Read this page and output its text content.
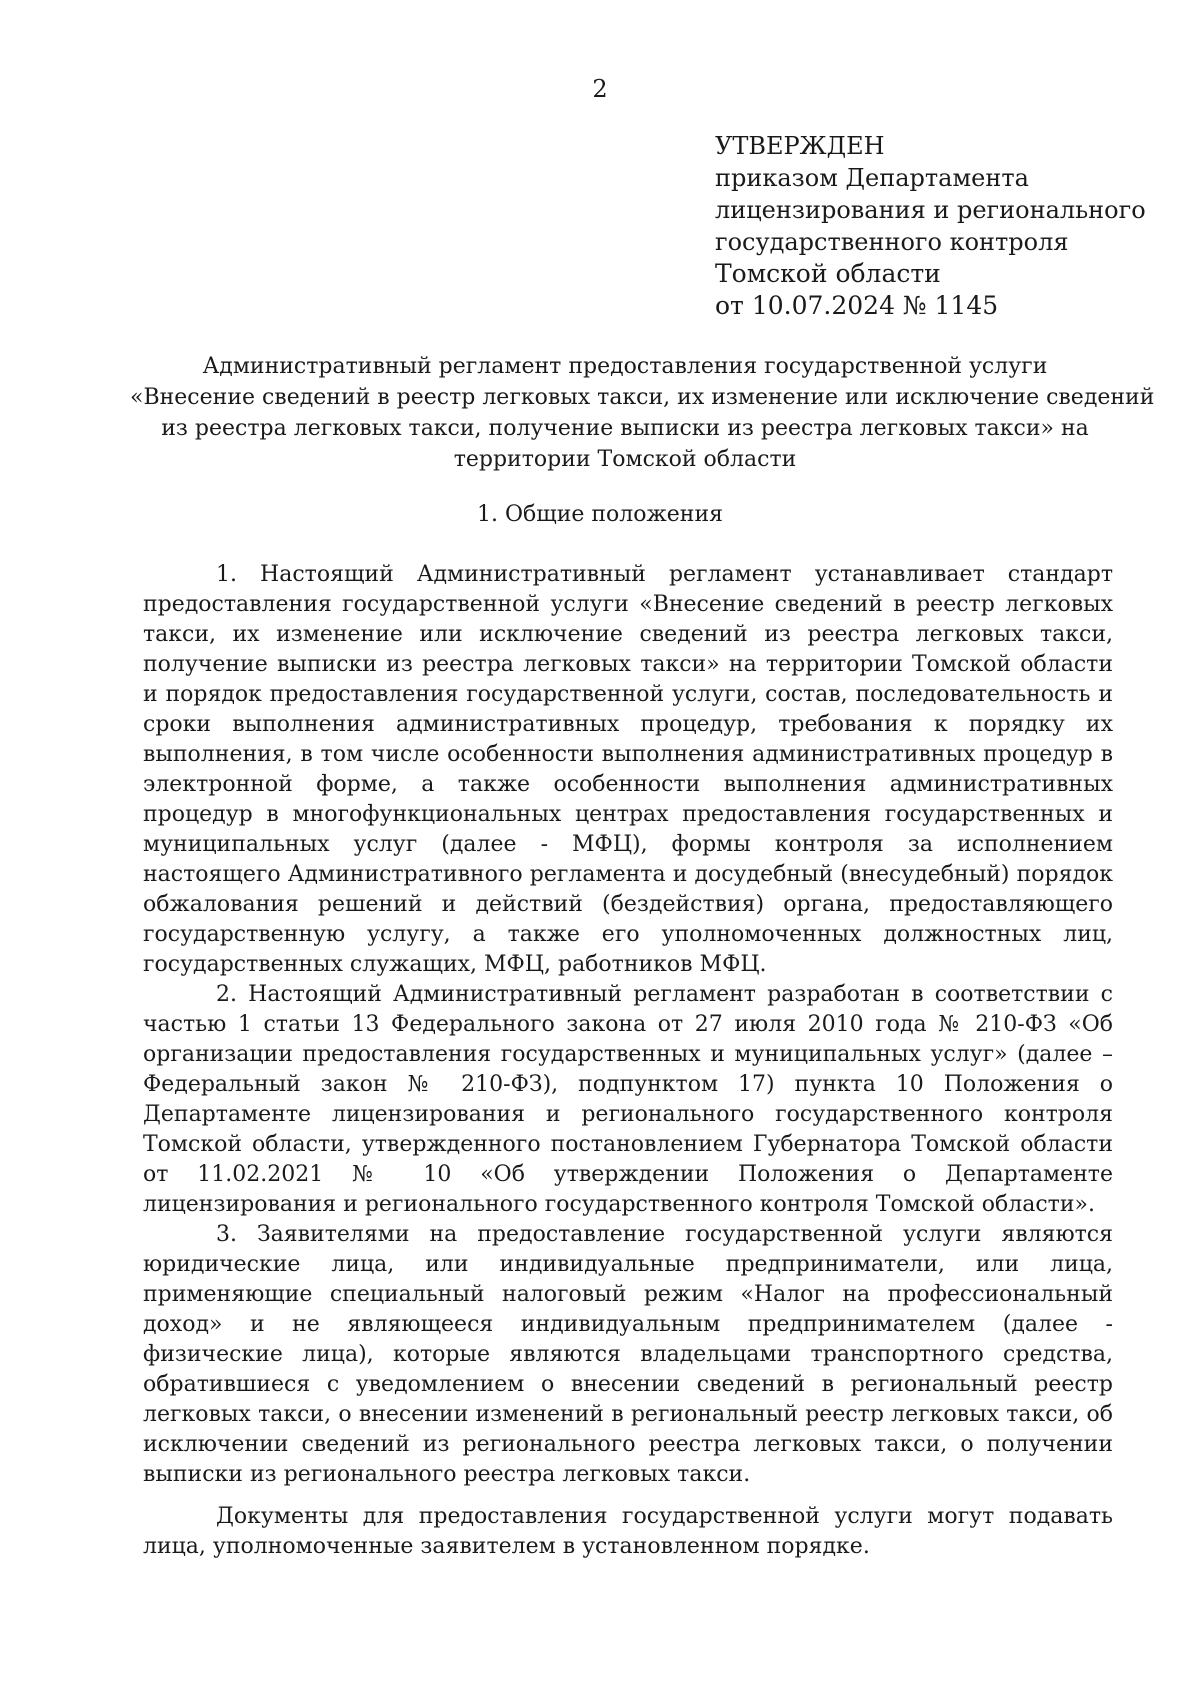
2
УТВЕРЖДЕН
приказом Департамента
лицензирования и регионального
государственного контроля
Томской области
от 10.07.2024 № 1145
Административный регламент предоставления государственной услуги
«Внесение сведений в реестр легковых такси, их изменение или исключение сведений
из реестра легковых такси, получение выписки из реестра легковых такси» на
территории Томской области
1. Общие положения

1. Настоящий Административный регламент устанавливает стандарт предоставления государственной услуги «Внесение сведений в реестр легковых такси, их изменение или исключение сведений из реестра легковых такси, получение выписки из реестра легковых такси» на территории Томской области и порядок предоставления государственной услуги, состав, последовательность и сроки выполнения административных процедур, требования к порядку их выполнения, в том числе особенности выполнения административных процедур в электронной форме, а также особенности выполнения административных процедур в многофункциональных центрах предоставления государственных и муниципальных услуг (далее - МФЦ), формы контроля за исполнением настоящего Административного регламента и досудебный (внесудебный) порядок обжалования решений и действий (бездействия) органа, предоставляющего государственную услугу, а также его уполномоченных должностных лиц, государственных служащих, МФЦ, работников МФЦ.

2. Настоящий Административный регламент разработан в соответствии с частью 1 статьи 13 Федерального закона от 27 июля 2010 года № 210-ФЗ «Об организации предоставления государственных и муниципальных услуг» (далее – Федеральный закон № 210-ФЗ), подпунктом 17) пункта 10 Положения о Департаменте лицензирования и регионального государственного контроля Томской области, утвержденного постановлением Губернатора Томской области от 11.02.2021 № 10 «Об утверждении Положения о Департаменте лицензирования и регионального государственного контроля Томской области».

3. Заявителями на предоставление государственной услуги являются юридические лица, или индивидуальные предприниматели, или лица, применяющие специальный налоговый режим «Налог на профессиональный доход» и не являющееся индивидуальным предпринимателем (далее - физические лица), которые являются владельцами транспортного средства, обратившиеся с уведомлением о внесении сведений в региональный реестр легковых такси, о внесении изменений в региональный реестр легковых такси, об исключении сведений из регионального реестра легковых такси, о получении выписки из регионального реестра легковых такси.

Документы для предоставления государственной услуги могут подавать лица, уполномоченные заявителем в установленном порядке.
